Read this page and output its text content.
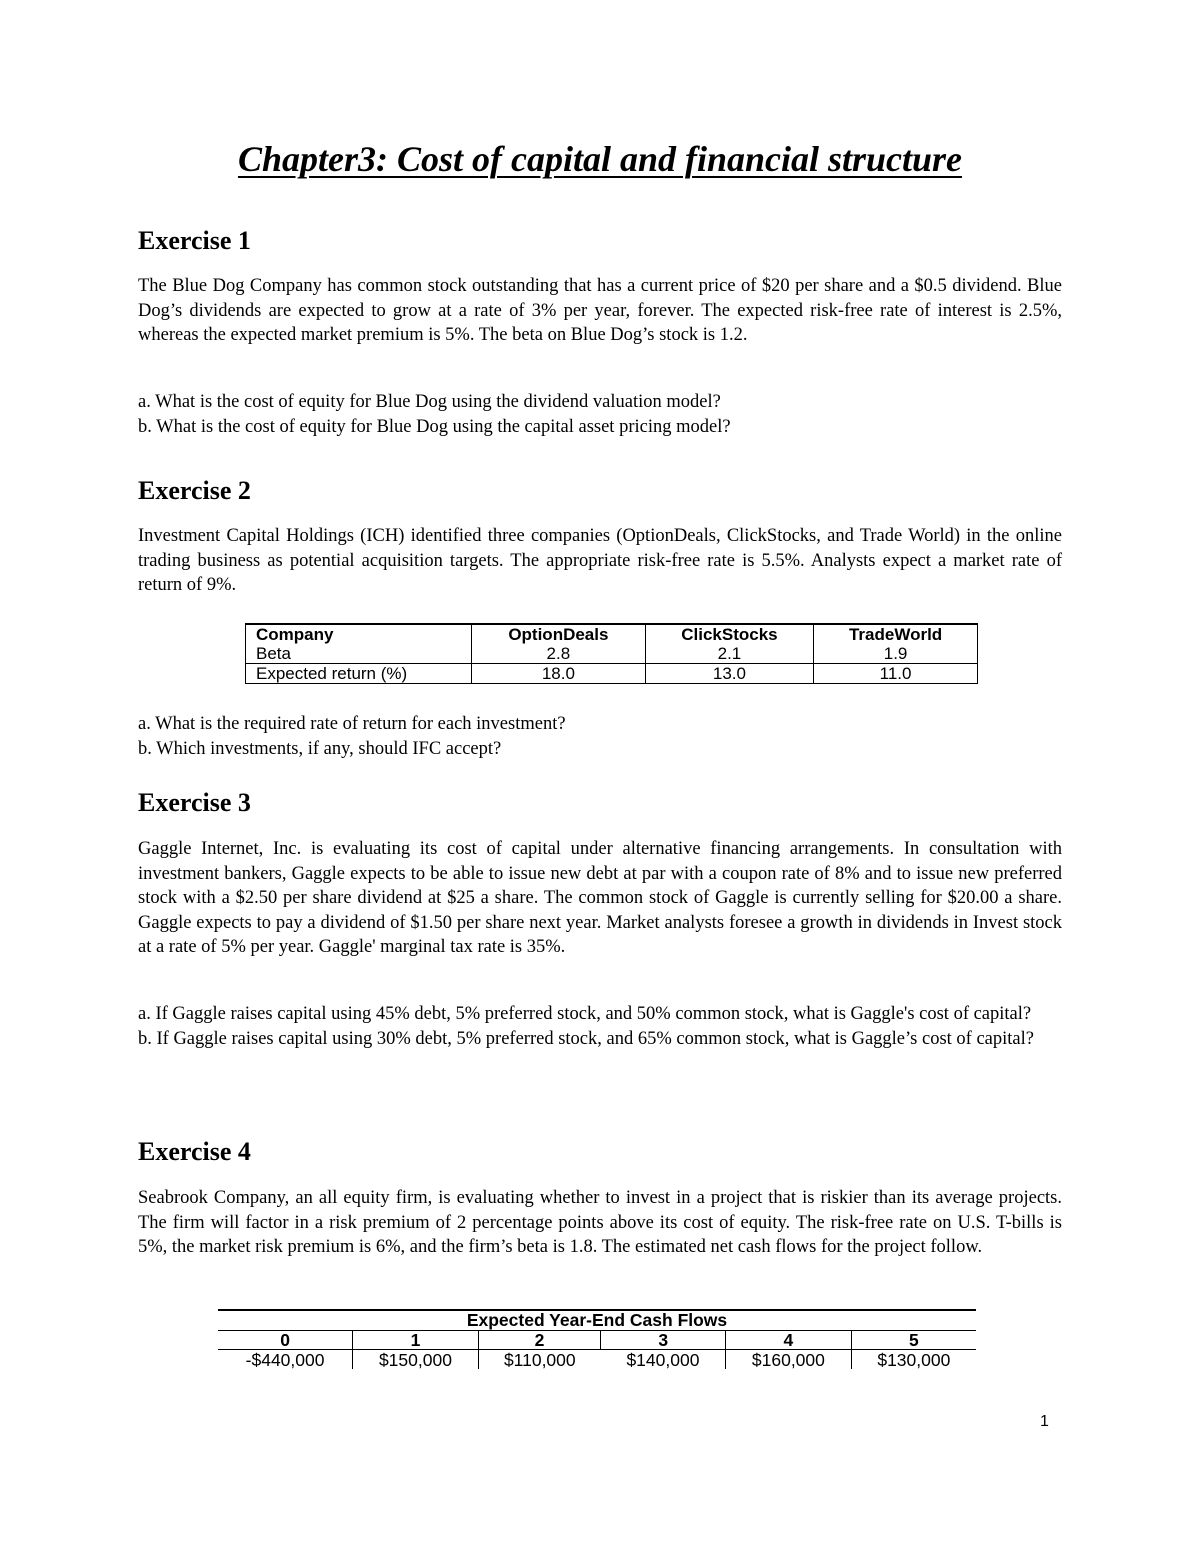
Chapter3: Cost of capital and financial structure
Exercise 1

The Blue Dog Company has common stock outstanding that has a current price of $20 per share and a $0.5 dividend. Blue Dog’s dividends are expected to grow at a rate of 3% per year, forever. The expected risk-free rate of interest is 2.5%, whereas the expected market premium is 5%. The beta on Blue Dog’s stock is 1.2.

a. What is the cost of equity for Blue Dog using the dividend valuation model?
b. What is the cost of equity for Blue Dog using the capital asset pricing model?
Exercise 2

Investment Capital Holdings (ICH) identified three companies (OptionDeals, ClickStocks, and Trade World) in the online trading business as potential acquisition targets. The appropriate risk-free rate is 5.5%. Analysts expect a market rate of return of 9%.

Company	OptionDeals	ClickStocks	TradeWorld
Beta	2.8	2.1	1.9
Expected return (%)	18.0	13.0	11.0
a. What is the required rate of return for each investment?
b. Which investments, if any, should IFC accept?
Exercise 3

Gaggle Internet, Inc. is evaluating its cost of capital under alternative financing arrangements. In consultation with investment bankers, Gaggle expects to be able to issue new debt at par with a coupon rate of 8% and to issue new preferred stock with a $2.50 per share dividend at $25 a share. The common stock of Gaggle is currently selling for $20.00 a share. Gaggle expects to pay a dividend of $1.50 per share next year. Market analysts foresee a growth in dividends in Invest stock at a rate of 5% per year. Gaggle' marginal tax rate is 35%.

a. If Gaggle raises capital using 45% debt, 5% preferred stock, and 50% common stock, what is Gaggle's cost of capital?
b. If Gaggle raises capital using 30% debt, 5% preferred stock, and 65% common stock, what is Gaggle’s cost of capital?
Exercise 4

Seabrook Company, an all equity firm, is evaluating whether to invest in a project that is riskier than its average projects. The firm will factor in a risk premium of 2 percentage points above its cost of equity. The risk-free rate on U.S. T-bills is 5%, the market risk premium is 6%, and the firm’s beta is 1.8. The estimated net cash flows for the project follow.

Expected Year-End Cash Flows
0	1	2	3	4	5
-$440,000	$150,000	$110,000	$140,000	$160,000	$130,000
1
